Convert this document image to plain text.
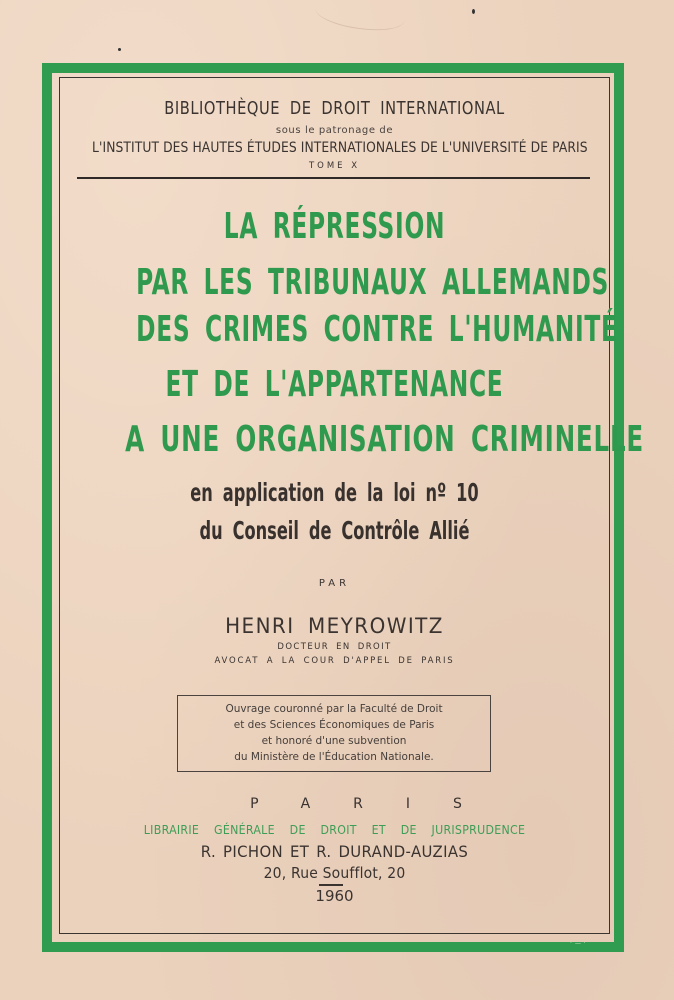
BIBLIOTHÈQUE DE DROIT INTERNATIONAL
sous le patronage de
L'INSTITUT DES HAUTES ÉTUDES INTERNATIONALES DE L'UNIVERSITÉ DE PARIS
TOME X
LA RÉPRESSION
PAR LES TRIBUNAUX ALLEMANDS
DES CRIMES CONTRE L'HUMANITÉ
ET DE L'APPARTENANCE
A UNE ORGANISATION CRIMINELLE
en application de la loi nº 10
du Conseil de Contrôle Allié
PAR
HENRI MEYROWITZ
DOCTEUR EN DROIT
AVOCAT A LA COUR D'APPEL DE PARIS
Ouvrage couronné par la Faculté de Droit
et des Sciences Économiques de Paris
et honoré d'une subvention
du Ministère de l'Éducation Nationale.
PARIS
LIBRAIRIE GÉNÉRALE DE DROIT ET DE JURISPRUDENCE
R. PICHON ET R. DURAND-AUZIAS
20, Rue Soufflot, 20
1960
· — ·
